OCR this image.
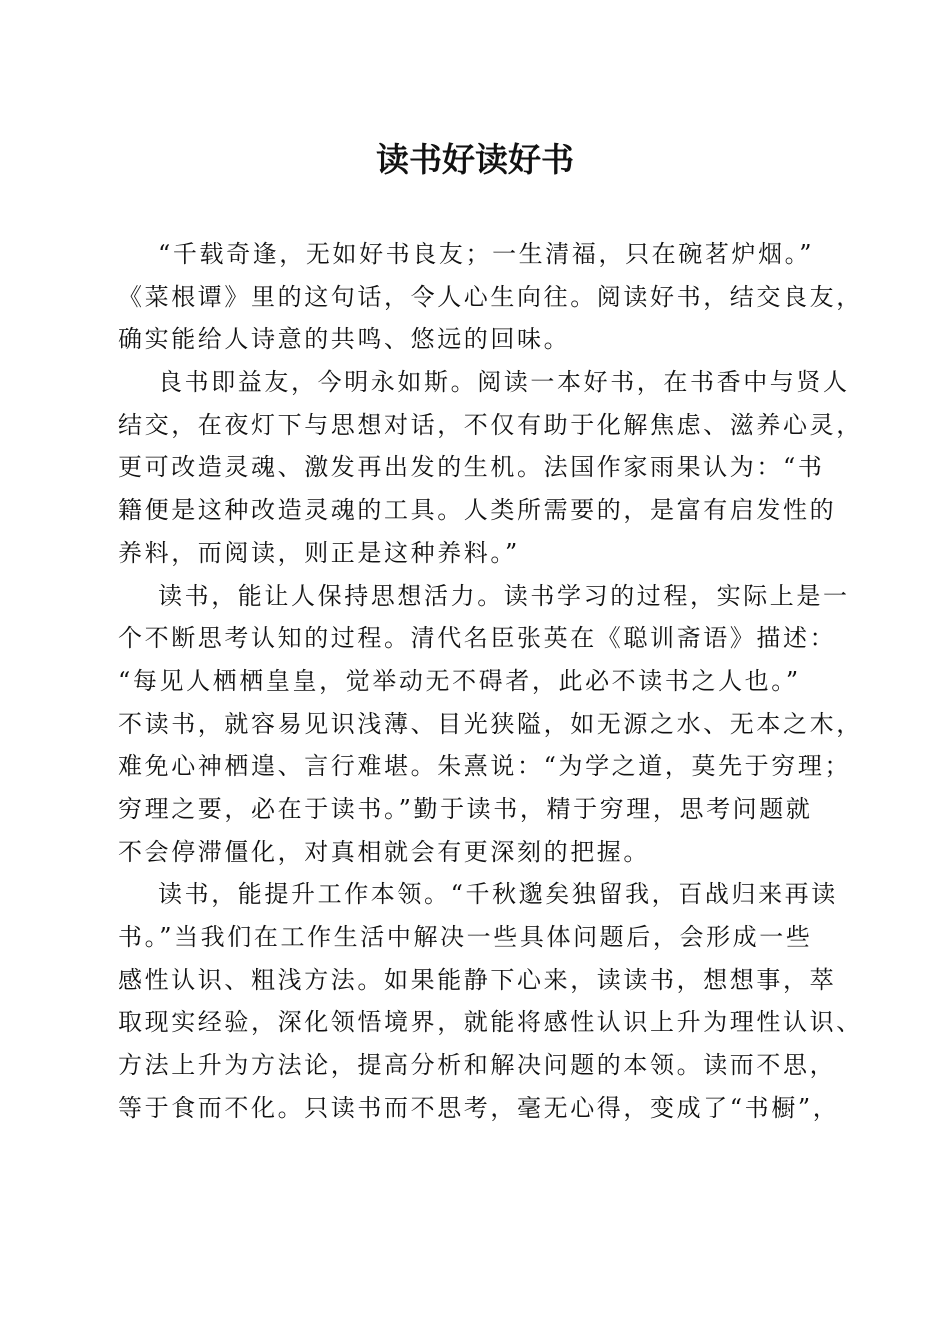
读书好读好书
“千载奇逢，无如好书良友；一生清福，只在碗茗炉烟。”
《菜根谭》里的这句话，令人心生向往。阅读好书，结交良友，
确实能给人诗意的共鸣、悠远的回味。
良书即益友，今明永如斯。阅读一本好书，在书香中与贤人
结交，在夜灯下与思想对话，不仅有助于化解焦虑、滋养心灵，
更可改造灵魂、激发再出发的生机。法国作家雨果认为：“书
籍便是这种改造灵魂的工具。人类所需要的，是富有启发性的
养料，而阅读，则正是这种养料。”
读书，能让人保持思想活力。读书学习的过程，实际上是一
个不断思考认知的过程。清代名臣张英在《聪训斋语》描述：
“每见人栖栖皇皇，觉举动无不碍者，此必不读书之人也。”
不读书，就容易见识浅薄、目光狭隘，如无源之水、无本之木，
难免心神栖遑、言行难堪。朱熹说：“为学之道，莫先于穷理；
穷理之要，必在于读书。”勤于读书，精于穷理，思考问题就
不会停滞僵化，对真相就会有更深刻的把握。
读书，能提升工作本领。“千秋邈矣独留我，百战归来再读
书。”当我们在工作生活中解决一些具体问题后，会形成一些
感性认识、粗浅方法。如果能静下心来，读读书，想想事，萃
取现实经验，深化领悟境界，就能将感性认识上升为理性认识、
方法上升为方法论，提高分析和解决问题的本领。读而不思，
等于食而不化。只读书而不思考，毫无心得，变成了“书橱”，
